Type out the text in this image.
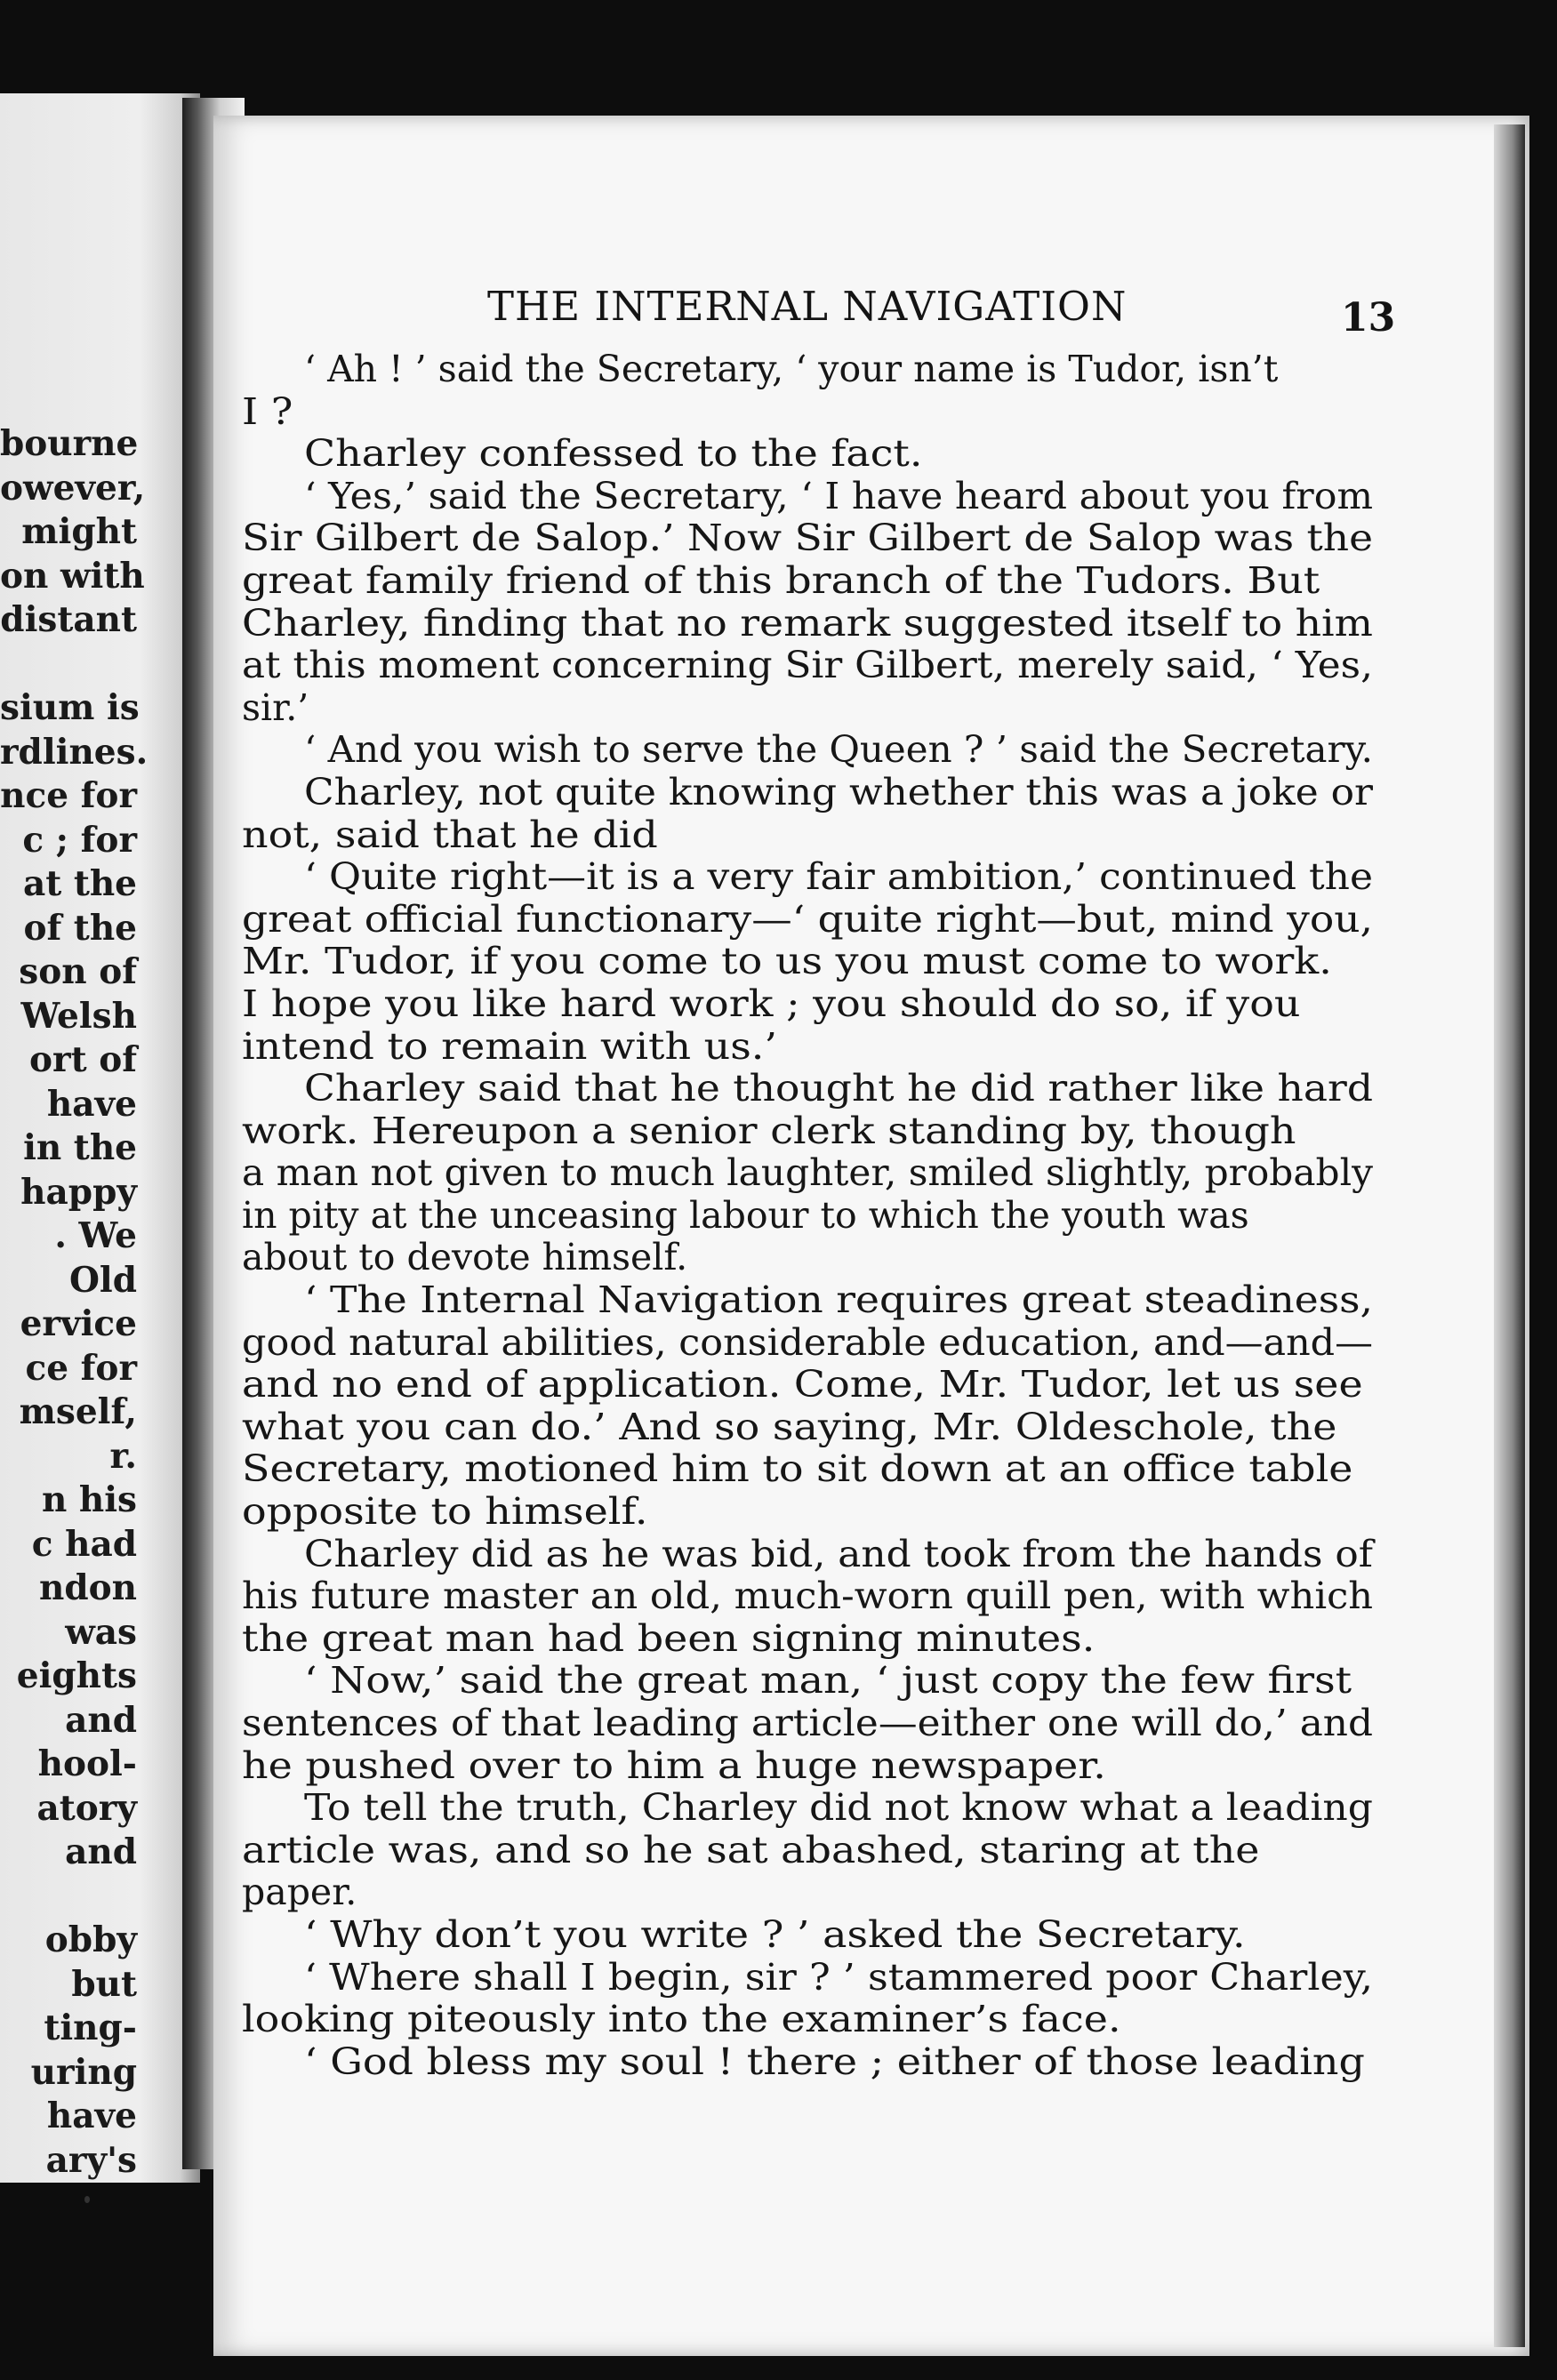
bourne
owever,
might
on with
distant
sium is
rdlines.
nce for
c ; for
at the
of the
son of
Welsh
ort of
have
in the
happy
. We
Old
ervice
ce for
mself,
r.
n his
c had
ndon
was
eights
and
hool-
atory
and
obby
but
ting-
uring
have
ary's
THE INTERNAL NAVIGATION	13
‘ Ah ! ’ said the Secretary, ‘ your name is Tudor, isn’t
I ?
Charley confessed to the fact.
‘ Yes,’ said the Secretary, ‘ I have heard about you from
Sir Gilbert de Salop.’ Now Sir Gilbert de Salop was the
great family friend of this branch of the Tudors. But
Charley, finding that no remark suggested itself to him
at this moment concerning Sir Gilbert, merely said, ‘ Yes,
sir.’
‘ And you wish to serve the Queen ? ’ said the Secretary.
Charley, not quite knowing whether this was a joke or
not, said that he did
‘ Quite right—it is a very fair ambition,’ continued the
great official functionary—‘ quite right—but, mind you,
Mr. Tudor, if you come to us you must come to work.
I hope you like hard work ; you should do so, if you
intend to remain with us.’
Charley said that he thought he did rather like hard
work. Hereupon a senior clerk standing by, though
a man not given to much laughter, smiled slightly, probably
in pity at the unceasing labour to which the youth was
about to devote himself.
‘ The Internal Navigation requires great steadiness,
good natural abilities, considerable education, and—and—
and no end of application. Come, Mr. Tudor, let us see
what you can do.’ And so saying, Mr. Oldeschole, the
Secretary, motioned him to sit down at an office table
opposite to himself.
Charley did as he was bid, and took from the hands of
his future master an old, much-worn quill pen, with which
the great man had been signing minutes.
‘ Now,’ said the great man, ‘ just copy the few first
sentences of that leading article—either one will do,’ and
he pushed over to him a huge newspaper.
To tell the truth, Charley did not know what a leading
article was, and so he sat abashed, staring at the
paper.
‘ Why don’t you write ? ’ asked the Secretary.
‘ Where shall I begin, sir ? ’ stammered poor Charley,
looking piteously into the examiner’s face.
‘ God bless my soul ! there ; either of those leading
